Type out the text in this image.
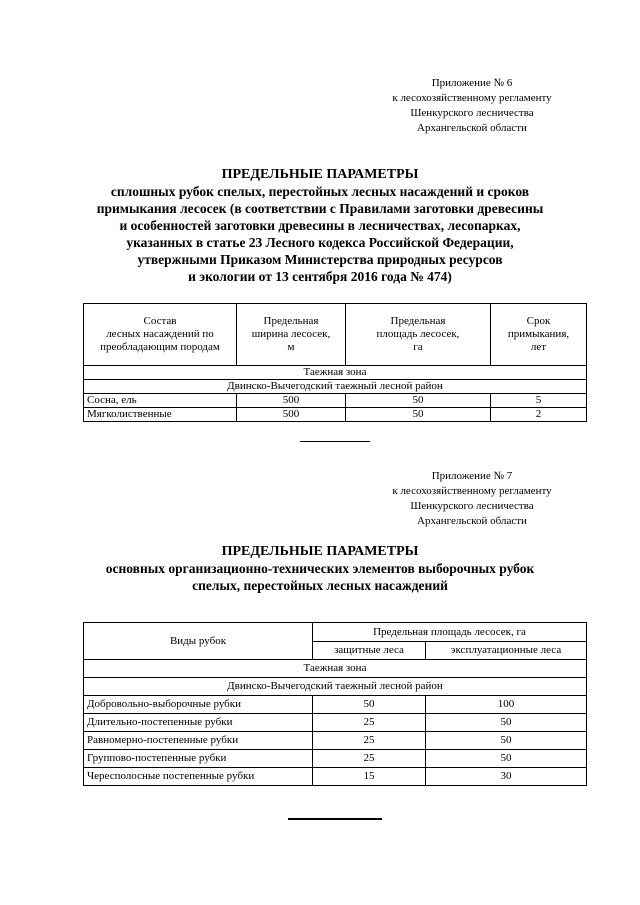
Приложение № 6
к лесохозяйственному регламенту
Шенкурского лесничества
Архангельской области
ПРЕДЕЛЬНЫЕ ПАРАМЕТРЫ
сплошных рубок спелых, перестойных лесных насаждений и сроков
примыкания лесосек (в соответствии с Правилами заготовки древесины
и особенностей заготовки древесины в лесничествах, лесопарках,
указанных в статье 23 Лесного кодекса Российской Федерации,
утвержными Приказом Министерства природных ресурсов
и экологии от 13 сентября 2016 года № 474)
Состав
лесных насаждений по
преобладающим породам	Предельная
ширина лесосек,
м	Предельная
площадь лесосек,
га	Срок
примыкания,
лет
Таежная зона			
Двинско-Вычегодский таежный лесной район			
Сосна, ель	500	50	5
Мягколиственные	500	50	2
Приложение № 7
к лесохозяйственному регламенту
Шенкурского лесничества
Архангельской области
ПРЕДЕЛЬНЫЕ ПАРАМЕТРЫ
основных организационно-технических элементов выборочных рубок
спелых, перестойных лесных насаждений
Виды рубок	Предельная площадь лесосек, га	
	защитные леса	эксплуатационные леса
Таежная зона		
Двинско-Вычегодский таежный лесной район		
Добровольно-выборочные рубки	50	100
Длительно-постепенные рубки	25	50
Равномерно-постепенные рубки	25	50
Группово-постепенные рубки	25	50
Чересполосные постепенные рубки	15	30
